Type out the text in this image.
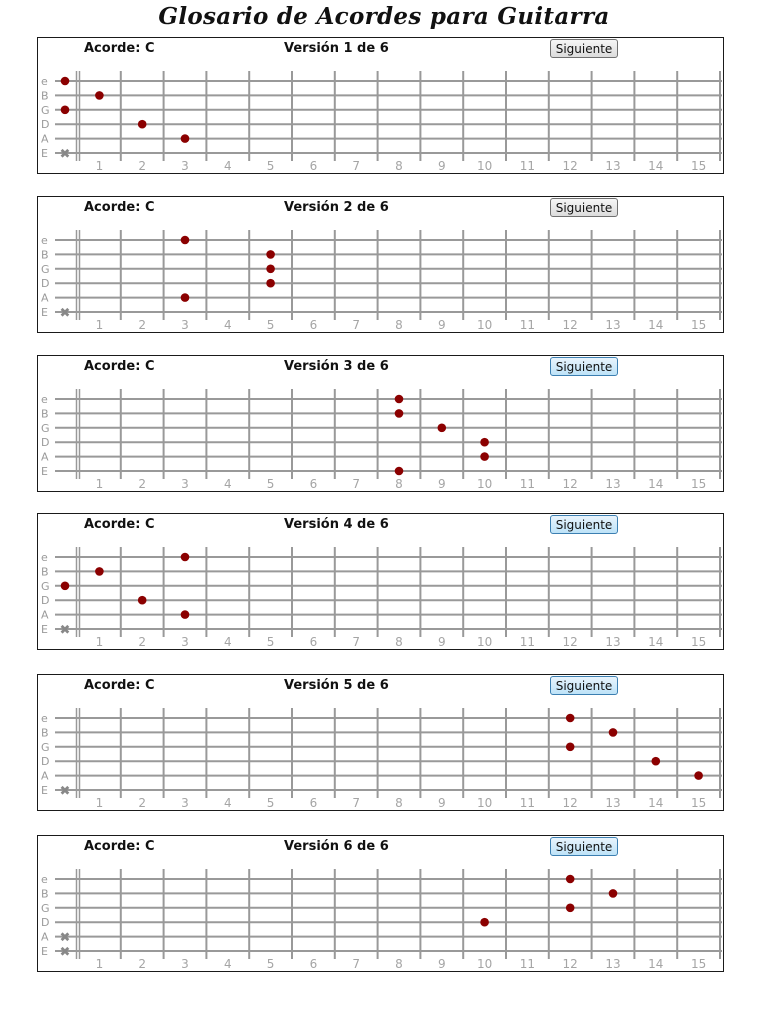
Glosario de Acordes para Guitarra
e
B
G
D
A
E
1	2	3	4	5	6	7	8	9	10 11 12 13 14 15
✖
Acorde: C	Versión 1 de 6	Siguiente
e
B
G
D
A
E
1	2	3	4	5	6	7	8	9	10 11 12 13 14 15
✖
Acorde: C	Versión 2 de 6	Siguiente
e
B
G
D
A
E
1	2	3	4	5	6	7	8	9	10 11 12 13 14 15
Acorde: C	Versión 3 de 6	Siguiente
e
B
G
D
A
E
1	2	3	4	5	6	7	8	9	10 11 12 13 14 15
✖
Acorde: C	Versión 4 de 6	Siguiente
e
B
G
D
A
E
1	2	3	4	5	6	7	8	9	10 11 12 13 14 15
✖
Acorde: C	Versión 5 de 6	Siguiente
e
B
G
D
A
E
1	2	3	4	5	6	7	8	9	10 11 12 13 14 15
✖
✖
Acorde: C	Versión 6 de 6	Siguiente
